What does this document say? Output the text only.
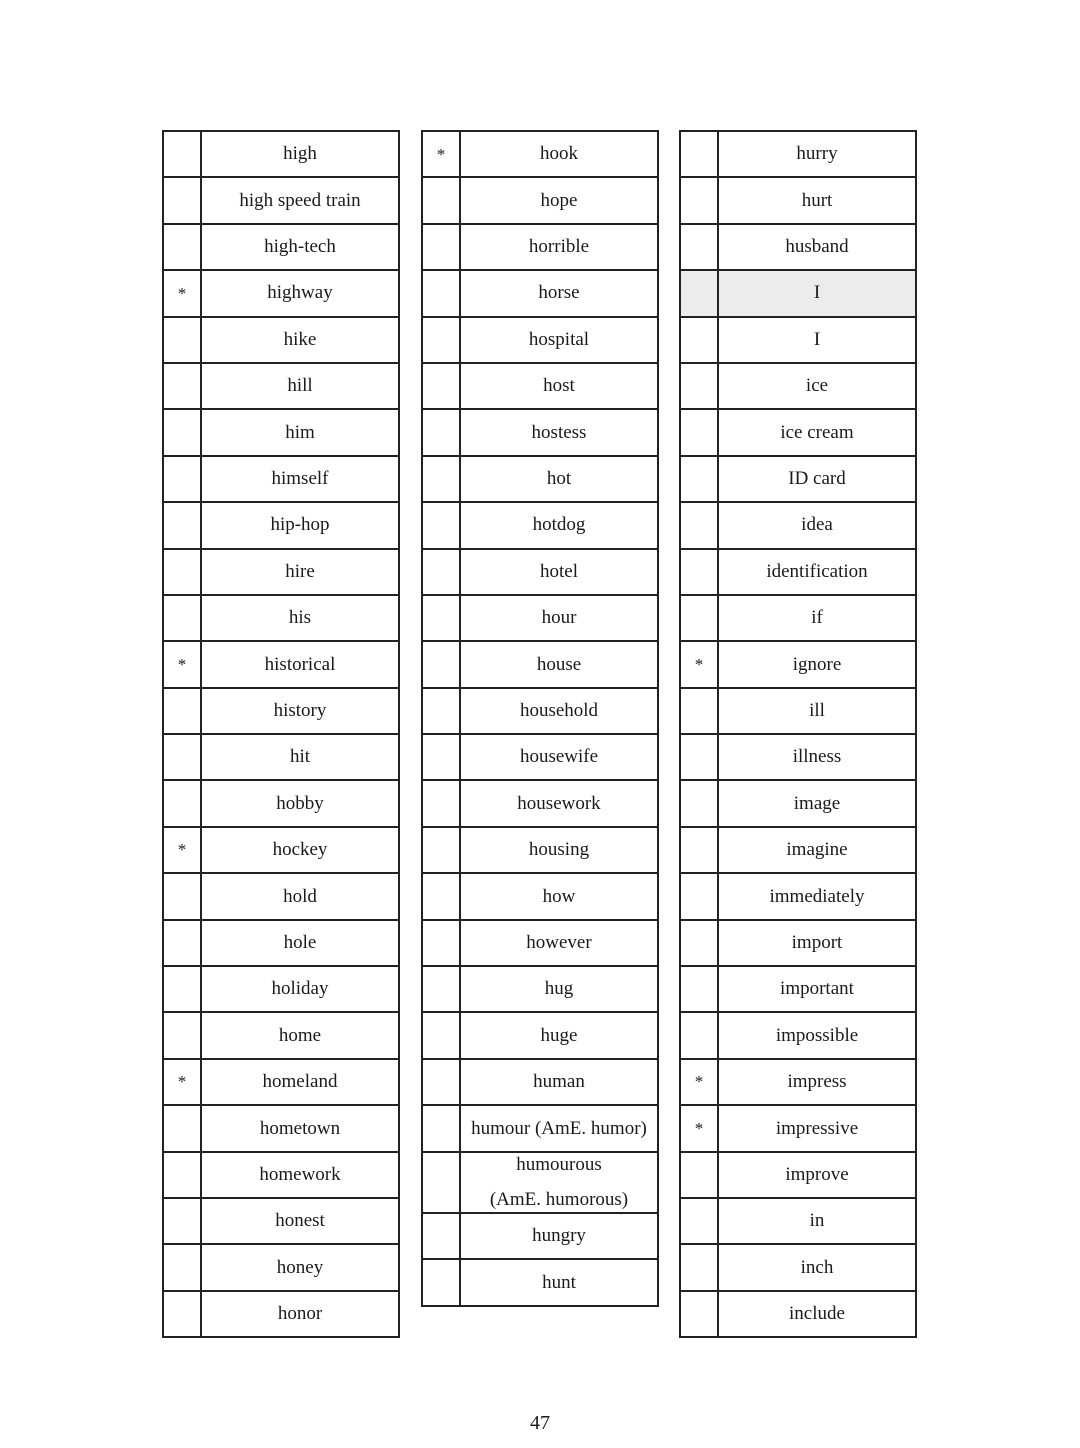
	high
	high speed train
	high-tech
*	highway
	hike
	hill
	him
	himself
	hip-hop
	hire
	his
*	historical
	history
	hit
	hobby
*	hockey
	hold
	hole
	holiday
	home
*	homeland
	hometown
	homework
	honest
	honey
	honor
*	hook
	hope
	horrible
	horse
	hospital
	host
	hostess
	hot
	hotdog
	hotel
	hour
	house
	household
	housewife
	housework
	housing
	how
	however
	hug
	huge
	human
	humour (AmE. humor)
	humourous
(AmE. humorous)

	hungry
	hunt
	hurry
	hurt
	husband
	I
	I
	ice
	ice cream
	ID card
	idea
	identification
	if
*	ignore
	ill
	illness
	image
	imagine
	immediately
	import
	important
	impossible
*	impress
*	impressive
	improve
	in
	inch
	include
47
